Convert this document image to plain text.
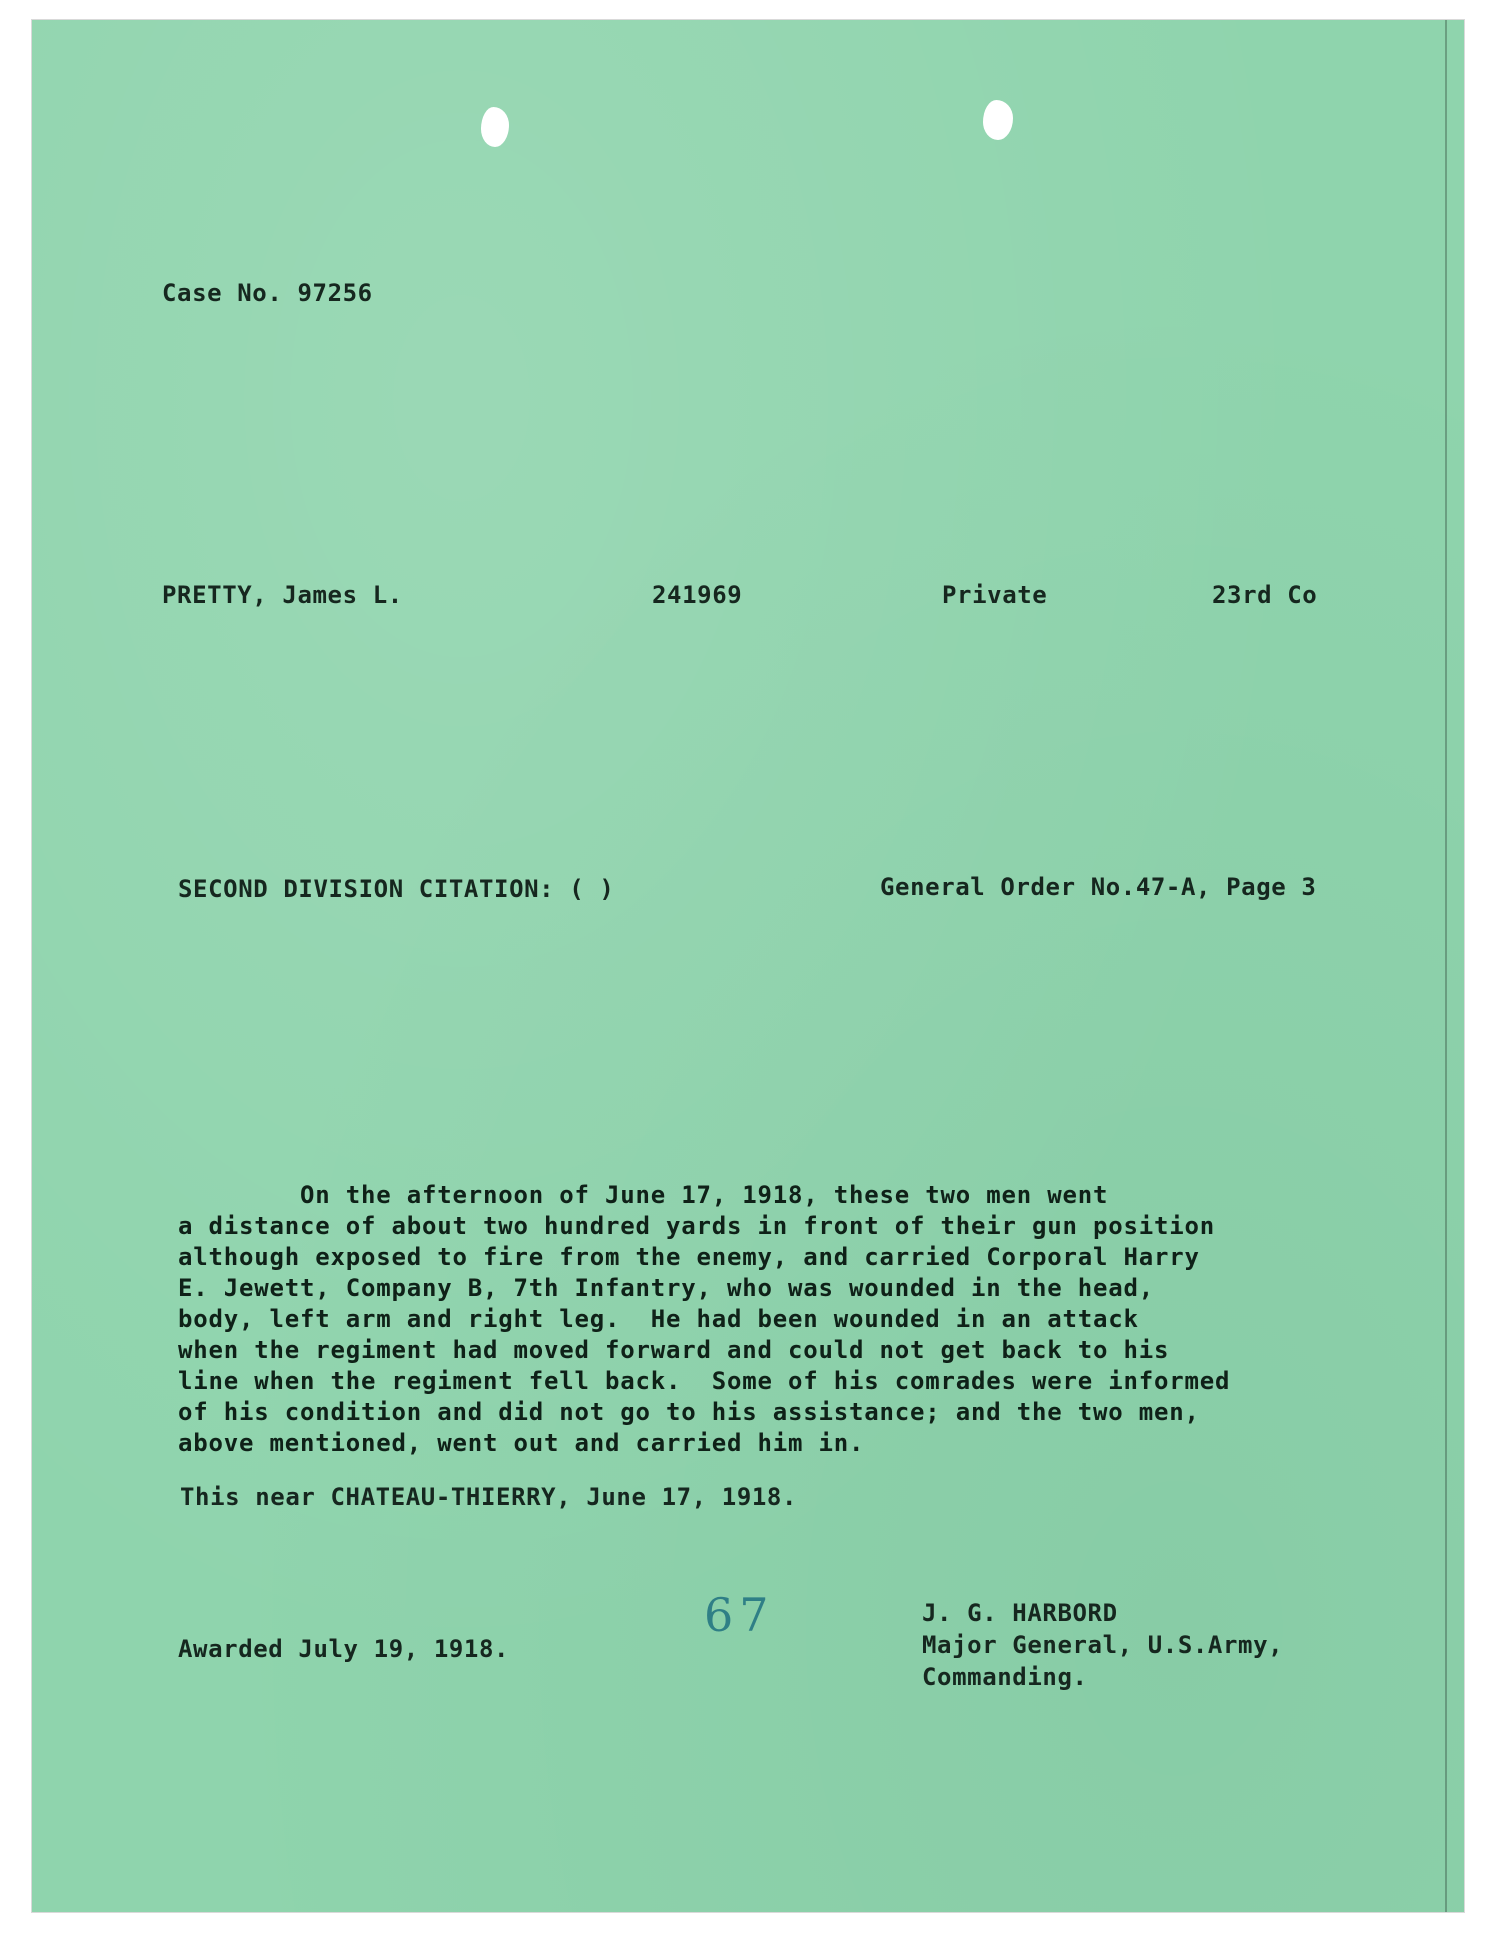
Case No. 97256
PRETTY, James L.	241969	Private	23rd Co
SECOND DIVISION CITATION: ( )	General Order No.47-A, Page 3
On the afternoon of June 17, 1918, these two men went
a distance of about two hundred yards in front of their gun position
although exposed to fire from the enemy, and carried Corporal Harry
E. Jewett, Company B, 7th Infantry, who was wounded in the head,
body, left arm and right leg.  He had been wounded in an attack
when the regiment had moved forward and could not get back to his
line when the regiment fell back.  Some of his comrades were informed
of his condition and did not go to his assistance; and the two men,
above mentioned, went out and carried him in.
This near CHATEAU-THIERRY, June 17, 1918.
Awarded July 19, 1918.
67	J. G. HARBORD
Major General, U.S.Army,
Commanding.
